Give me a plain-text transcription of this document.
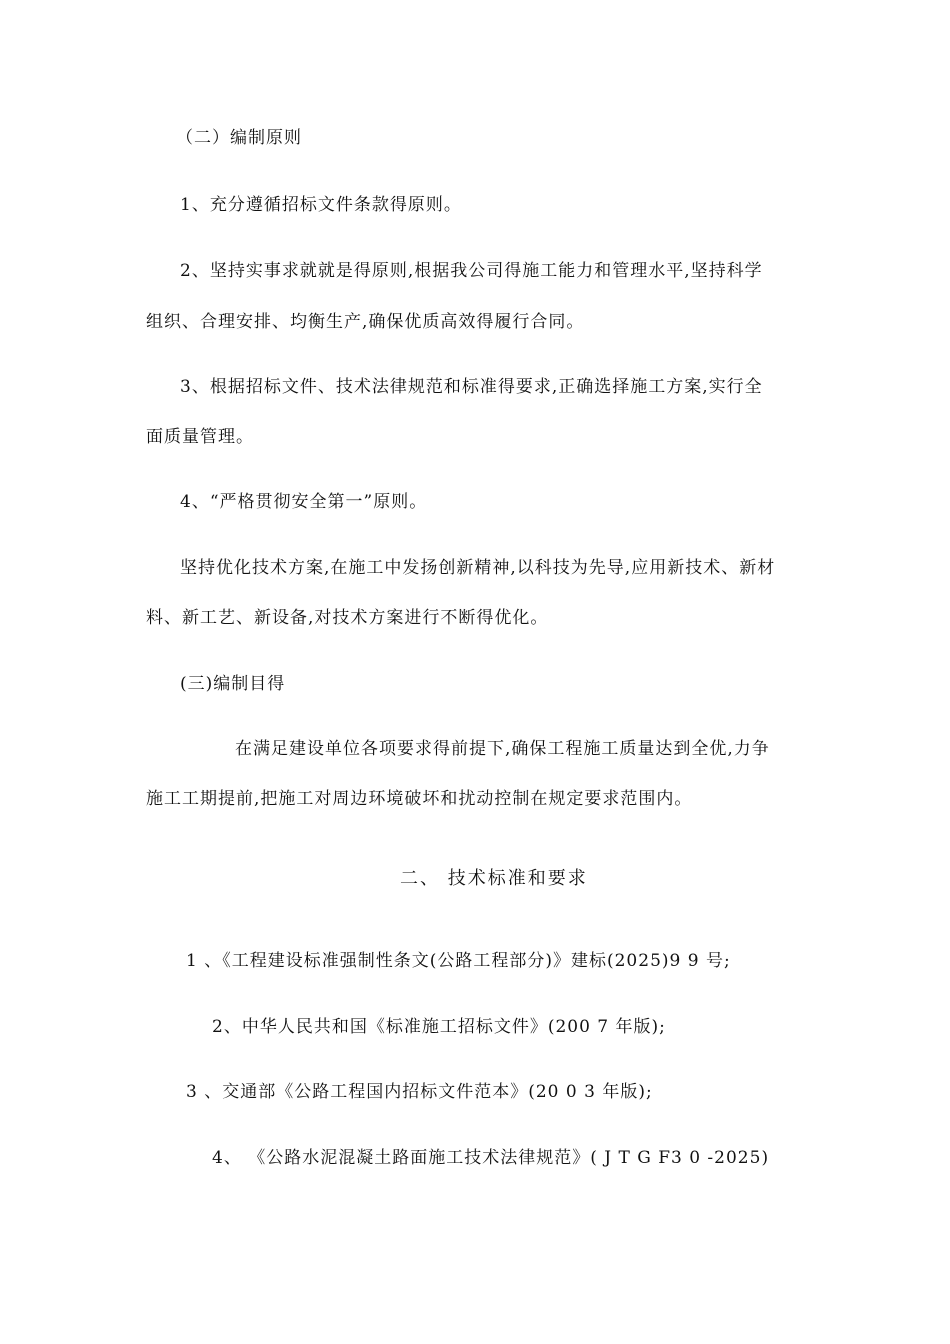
（二）编制原则
1、充分遵循招标文件条款得原则。
2、坚持实事求就就是得原则,根据我公司得施工能力和管理水平,坚持科学
组织、合理安排、均衡生产,确保优质高效得履行合同。
3、根据招标文件、技术法律规范和标准得要求,正确选择施工方案,实行全
面质量管理。
4、“严格贯彻安全第一”原则。
坚持优化技术方案,在施工中发扬创新精神,以科技为先导,应用新技术、新材
料、新工艺、新设备,对技术方案进行不断得优化。
(三)编制目得
在满足建设单位各项要求得前提下,确保工程施工质量达到全优,力争
施工工期提前,把施工对周边环境破坏和扰动控制在规定要求范围内。
二、 技术标准和要求
1 、《工程建设标准强制性条文(公路工程部分)》建标(2025)9 9 号;
2、中华人民共和国《标准施工招标文件》(200 7 年版);
3 、交通部《公路工程国内招标文件范本》(20 0 3 年版);
4、 《公路水泥混凝土路面施工技术法律规范》( J T G F3 0 -2025)
